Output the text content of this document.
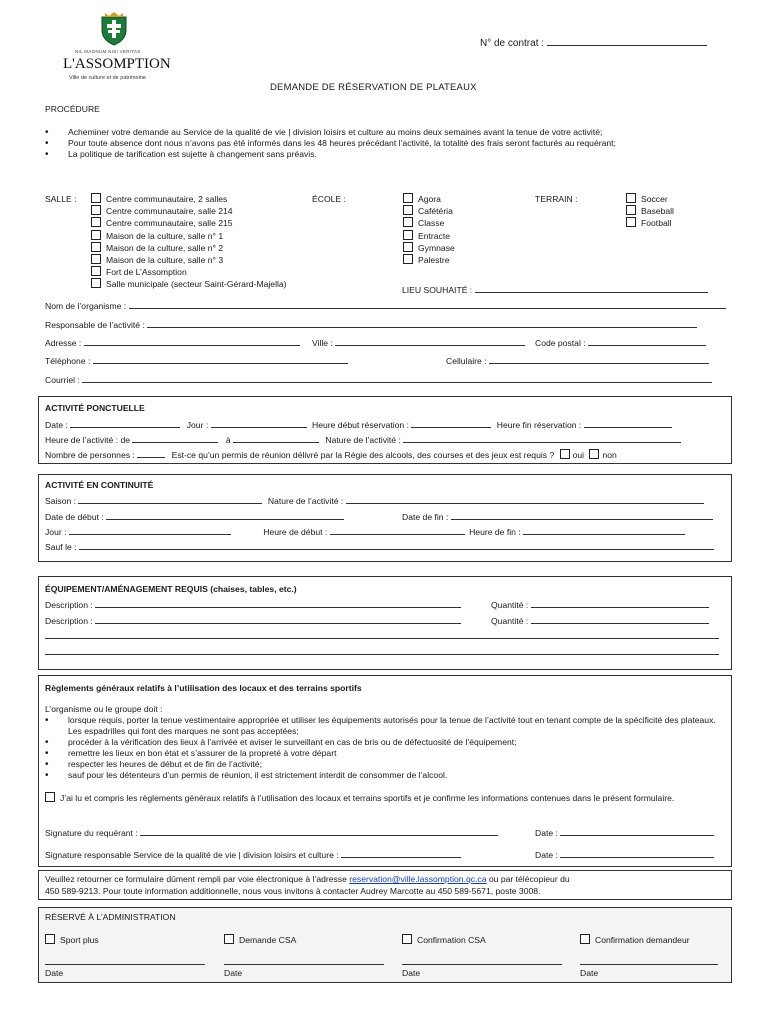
NIL MAGNUM NISI VERITAS
L'ASSOMPTION
Ville de culture et de patrimoine
N° de contrat :
DEMANDE DE RÉSERVATION DE PLATEAUX
PROCÉDURE
• Acheminer votre demande au Service de la qualité de vie | division loisirs et culture au moins deux semaines avant la tenue de votre activité;
• Pour toute absence dont nous n’avons pas été informés dans les 48 heures précédant l’activité, la totalité des frais seront facturés au requérant;
• La politique de tarification est sujette à changement sans préavis.
SALLE :	Centre communautaire, 2 salles
Centre communautaire, salle 214
Centre communautaire, salle 215
Maison de la culture, salle n° 1
Maison de la culture, salle n° 2
Maison de la culture, salle n° 3
Fort de L’Assomption
Salle municipale (secteur Saint-Gérard-Majella)
ÉCOLE :	Agora
Cafétéria
Classe
Entracte
Gymnase
Palestre
TERRAIN :	Soccer
Baseball
Football
LIEU SOUHAITÉ :
Nom de l’organisme :
Responsable de l’activité :
Adresse :	Ville :	Code postal :
Téléphone :	Cellulaire :
Courriel :
ACTIVITÉ PONCTUELLE
Date :	Jour :	Heure début réservation :	Heure fin réservation :
Heure de l’activité : de	à	Nature de l’activité :
Nombre de personnes :	Est-ce qu’un permis de réunion délivré par la Régie des alcools, des courses et des jeux est requis ? oui non
ACTIVITÉ EN CONTINUITÉ
Saison :	Nature de l’activité :
Date de début :	Date de fin :
Jour :	Heure de début :	Heure de fin :
Sauf le :
ÉQUIPEMENT/AMÉNAGEMENT REQUIS (chaises, tables, etc.)
Description :	Quantité :
Description :	Quantité :
Règlements généraux relatifs à l’utilisation des locaux et des terrains sportifs
L’organisme ou le groupe doit :
• lorsque requis, porter la tenue vestimentaire appropriée et utiliser les équipements autorisés pour la tenue de l’activité tout en tenant compte de la spécificité des plateaux. Les espadrilles qui font des marques ne sont pas acceptées;
• procéder à la vérification des lieux à l’arrivée et aviser le surveillant en cas de bris ou de défectuosité de l’équipement;
• remettre les lieux en bon état et s’assurer de la propreté à votre départ
• respecter les heures de début et de fin de l’activité;
• sauf pour les détenteurs d’un permis de réunion, il est strictement interdit de consommer de l’alcool.
J’ai lu et compris les règlements généraux relatifs à l’utilisation des locaux et terrains sportifs et je confirme les informations contenues dans le présent formulaire.
Signature du requérant :	Date :
Signature responsable Service de la qualité de vie | division loisirs et culture :	Date :
Veuillez retourner ce formulaire dûment rempli par voie électronique à l’adresse reservation@ville.lassomption.qc.ca ou par télécopieur du
450 589-9213. Pour toute information additionnelle, nous vous invitons à contacter Audrey Marcotte au 450 589-5671, poste 3008.
RÉSERVÉ À L’ADMINISTRATION
Sport plus	Demande CSA	Confirmation CSA	Confirmation demandeur
Date	Date	Date	Date
